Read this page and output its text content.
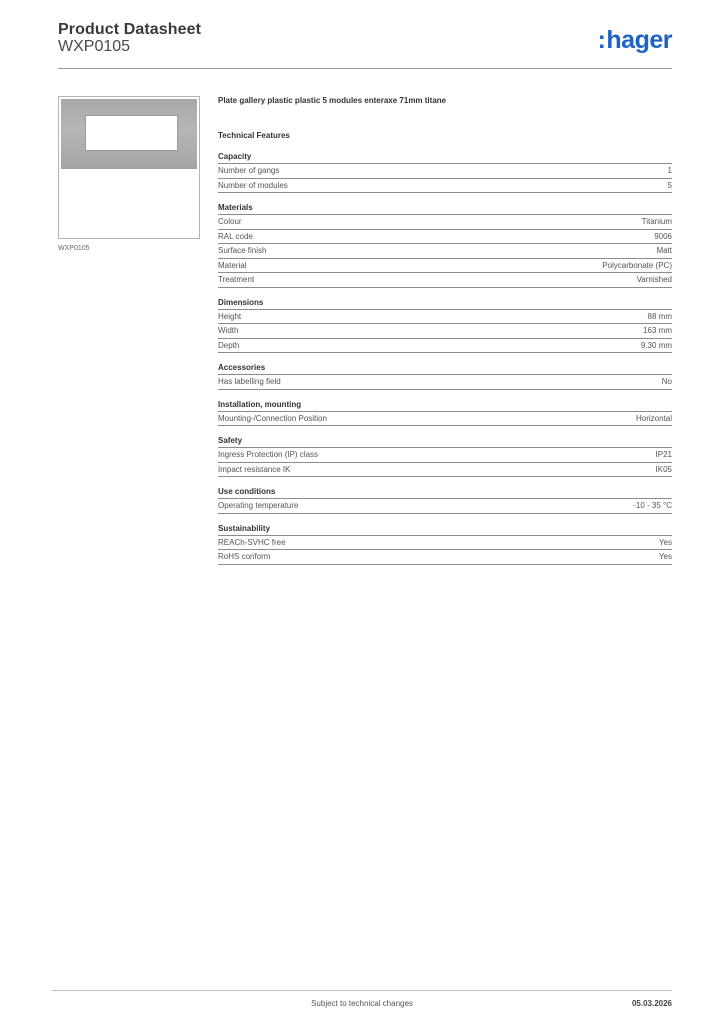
Product Datasheet
WXP0105	:hager
WXP0105
Plate gallery plastic plastic 5 modules enteraxe 71mm titane
Technical Features
Capacity
Number of gangs	1
Number of modules	5
Materials
Colour	Titanium
RAL code	9006
Surface finish	Matt
Material	Polycarbonate (PC)
Treatment	Varnished
Dimensions
Height	88 mm
Width	163 mm
Depth	9.30 mm
Accessories
Has labelling field	No
Installation, mounting
Mounting-/Connection Position	Horizontal
Safety
Ingress Protection (IP) class	IP21
Impact resistance IK	IK05
Use conditions
Operating temperature	-10 - 35 °C
Sustainability
REACh-SVHC free	Yes
RoHS conform	Yes
Subject to technical changes	05.03.2026
